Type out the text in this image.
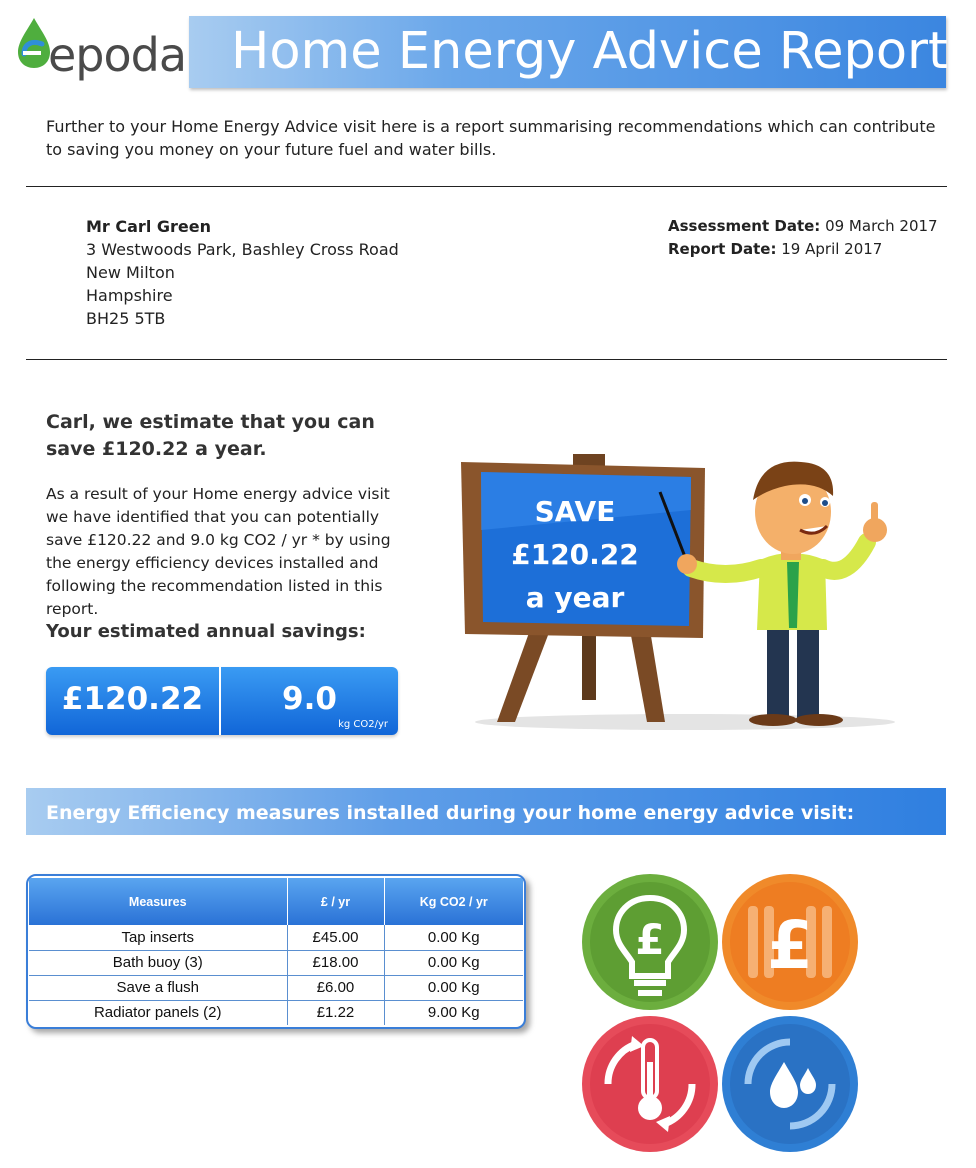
epoda Home Energy Advice Report

Further to your Home Energy Advice visit here is a report summarising recommendations which can contribute to saving you money on your future fuel and water bills.

Mr Carl Green
3 Westwoods Park, Bashley Cross Road
New Milton
Hampshire
BH25 5TB
Assessment Date: 09 March 2017
Report Date: 19 April 2017
Carl, we estimate that you can save £120.22 a year.

As a result of your Home energy advice visit we have identified that you can potentially save £120.22 and 9.0 kg CO2 / yr * by using the energy efficiency devices installed and following the recommendation listed in this report.

Your estimated annual savings:
£120.22	9.0
kg CO2/yr
SAVE
£120.22
a year
Energy Efficiency measures installed during your home energy advice visit:
Measures	£ / yr	Kg CO2 / yr
Tap inserts	£45.00	0.00 Kg
Bath buoy (3)	£18.00	0.00 Kg
Save a flush	£6.00	0.00 Kg
Radiator panels (2)	£1.22	9.00 Kg
£ £
